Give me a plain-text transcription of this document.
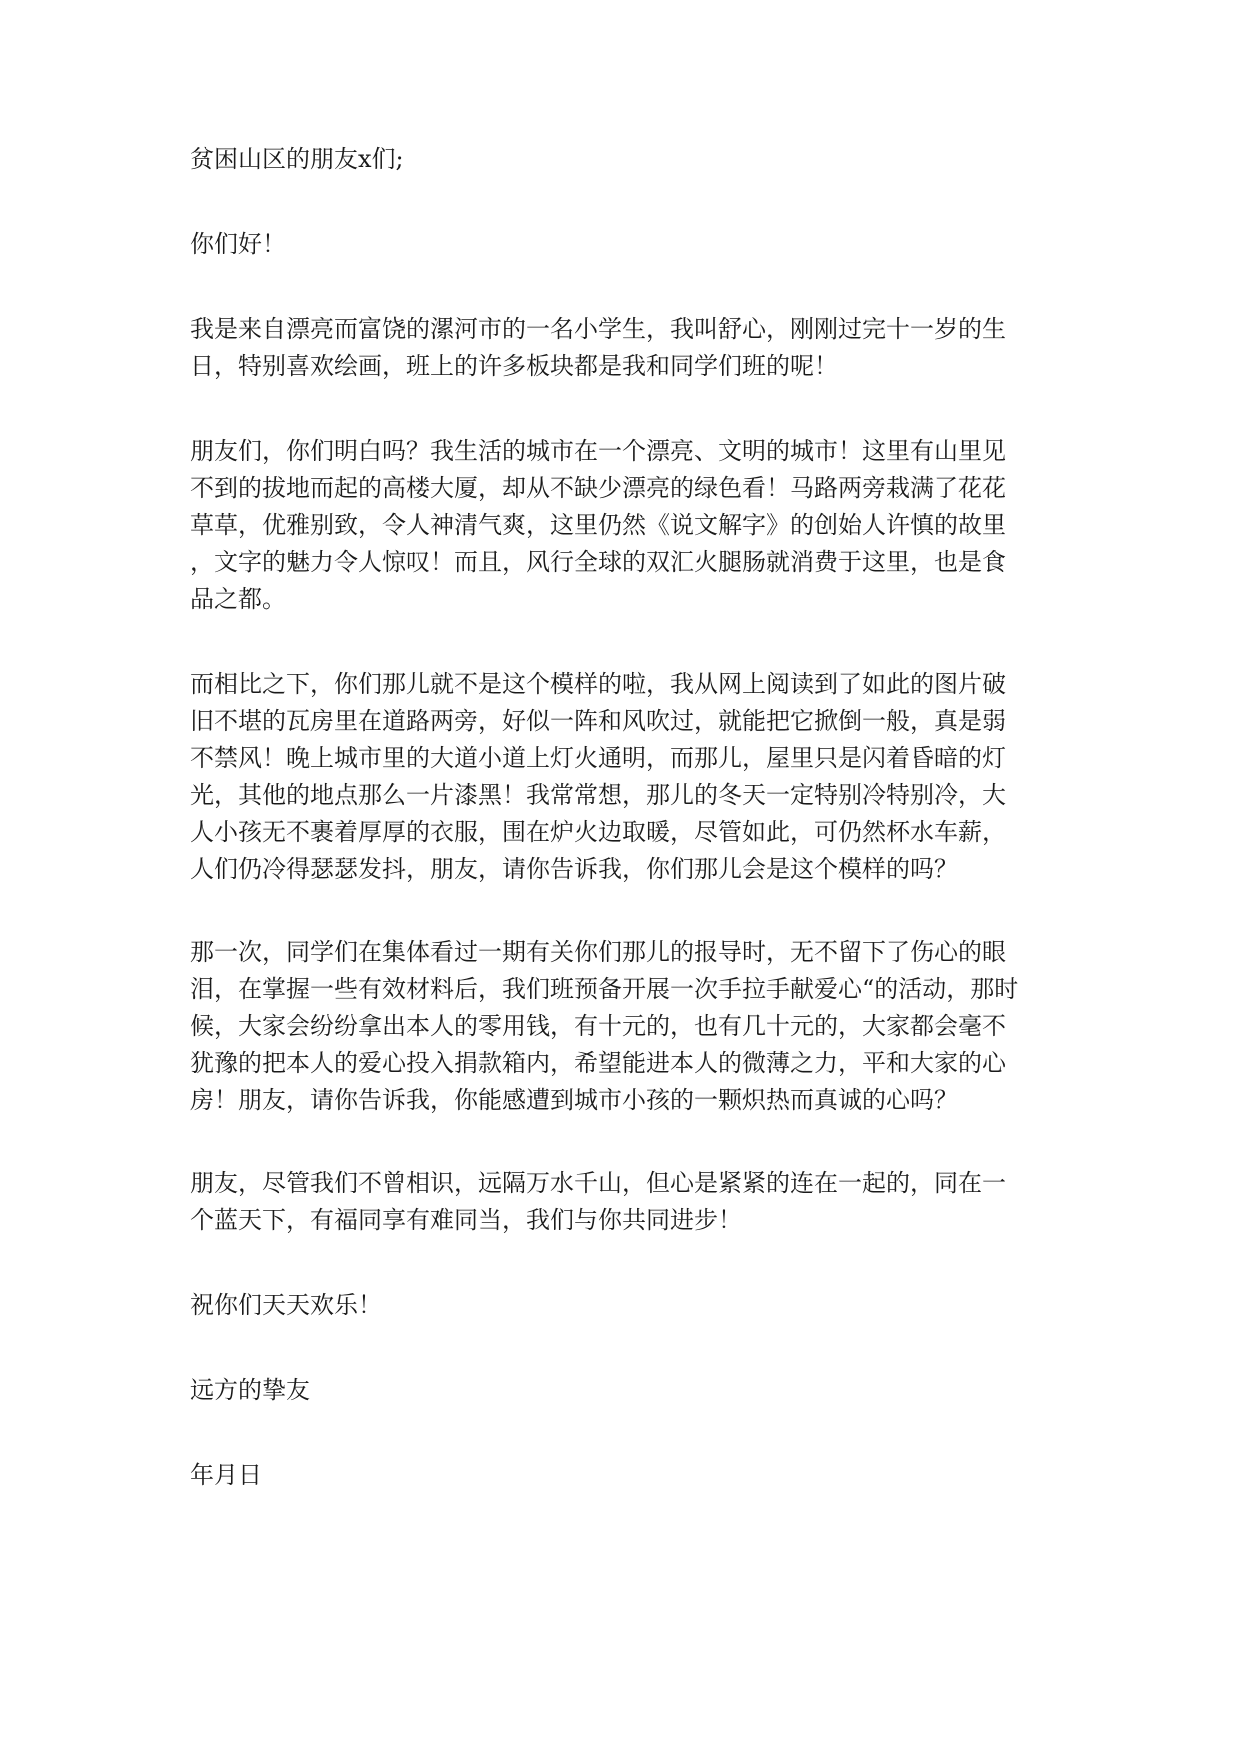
贫困山区的朋友x们;

你们好！

我是来自漂亮而富饶的漯河市的一名小学生，我叫舒心，刚刚过完十一岁的生
日，特别喜欢绘画，班上的许多板块都是我和同学们班的呢！
朋友们，你们明白吗？我生活的城市在一个漂亮、文明的城市！这里有山里见
不到的拔地而起的高楼大厦，却从不缺少漂亮的绿色看！马路两旁栽满了花花
草草，优雅别致，令人神清气爽，这里仍然《说文解字》的创始人许慎的故里
，文字的魅力令人惊叹！而且，风行全球的双汇火腿肠就消费于这里，也是食
品之都。
而相比之下，你们那儿就不是这个模样的啦，我从网上阅读到了如此的图片破
旧不堪的瓦房里在道路两旁，好似一阵和风吹过，就能把它掀倒一般，真是弱
不禁风！晚上城市里的大道小道上灯火通明，而那儿，屋里只是闪着昏暗的灯
光，其他的地点那么一片漆黑！我常常想，那儿的冬天一定特别冷特别冷，大
人小孩无不裹着厚厚的衣服，围在炉火边取暖，尽管如此，可仍然杯水车薪，
人们仍冷得瑟瑟发抖，朋友，请你告诉我，你们那儿会是这个模样的吗？
那一次，同学们在集体看过一期有关你们那儿的报导时，无不留下了伤心的眼
泪，在掌握一些有效材料后，我们班预备开展一次手拉手献爱心“的活动，那时
候，大家会纷纷拿出本人的零用钱，有十元的，也有几十元的，大家都会毫不
犹豫的把本人的爱心投入捐款箱内，希望能进本人的微薄之力，平和大家的心
房！朋友，请你告诉我，你能感遭到城市小孩的一颗炽热而真诚的心吗？
朋友，尽管我们不曾相识，远隔万水千山，但心是紧紧的连在一起的，同在一
个蓝天下，有福同享有难同当，我们与你共同进步！

祝你们天天欢乐！

远方的挚友

年月日
